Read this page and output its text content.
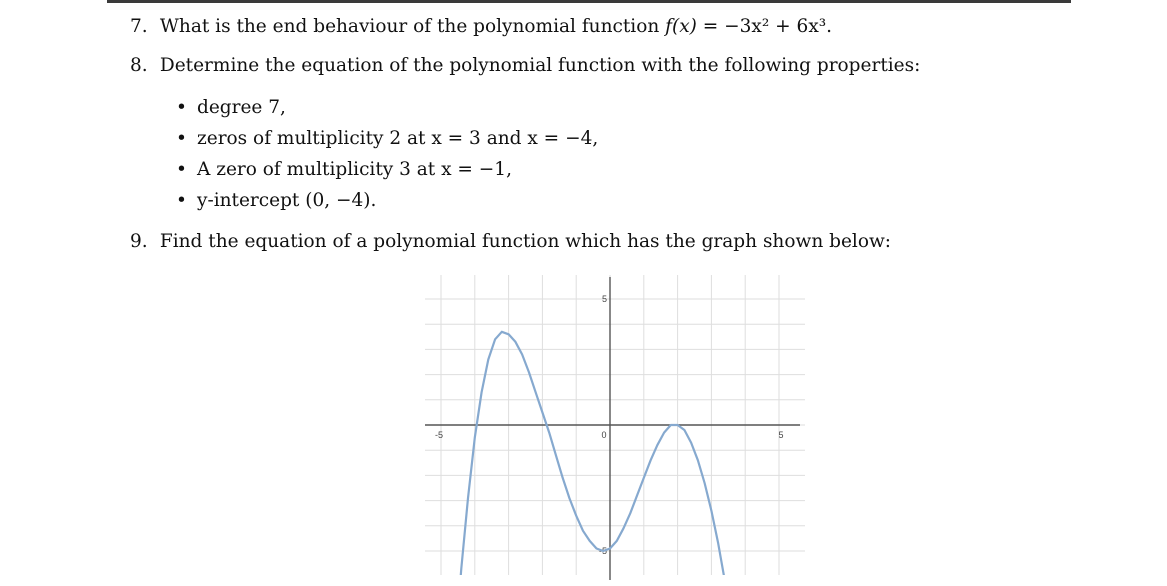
7. What is the end behaviour of the polynomial function f(x) = −3x² + 6x³.
8. Determine the equation of the polynomial function with the following properties:
• degree 7,
• zeros of multiplicity 2 at x = 3 and x = −4,
• A zero of multiplicity 3 at x = −1,
• y-intercept (0, −4).
9. Find the equation of a polynomial function which has the graph shown below:
-5	5
0
5
-5
